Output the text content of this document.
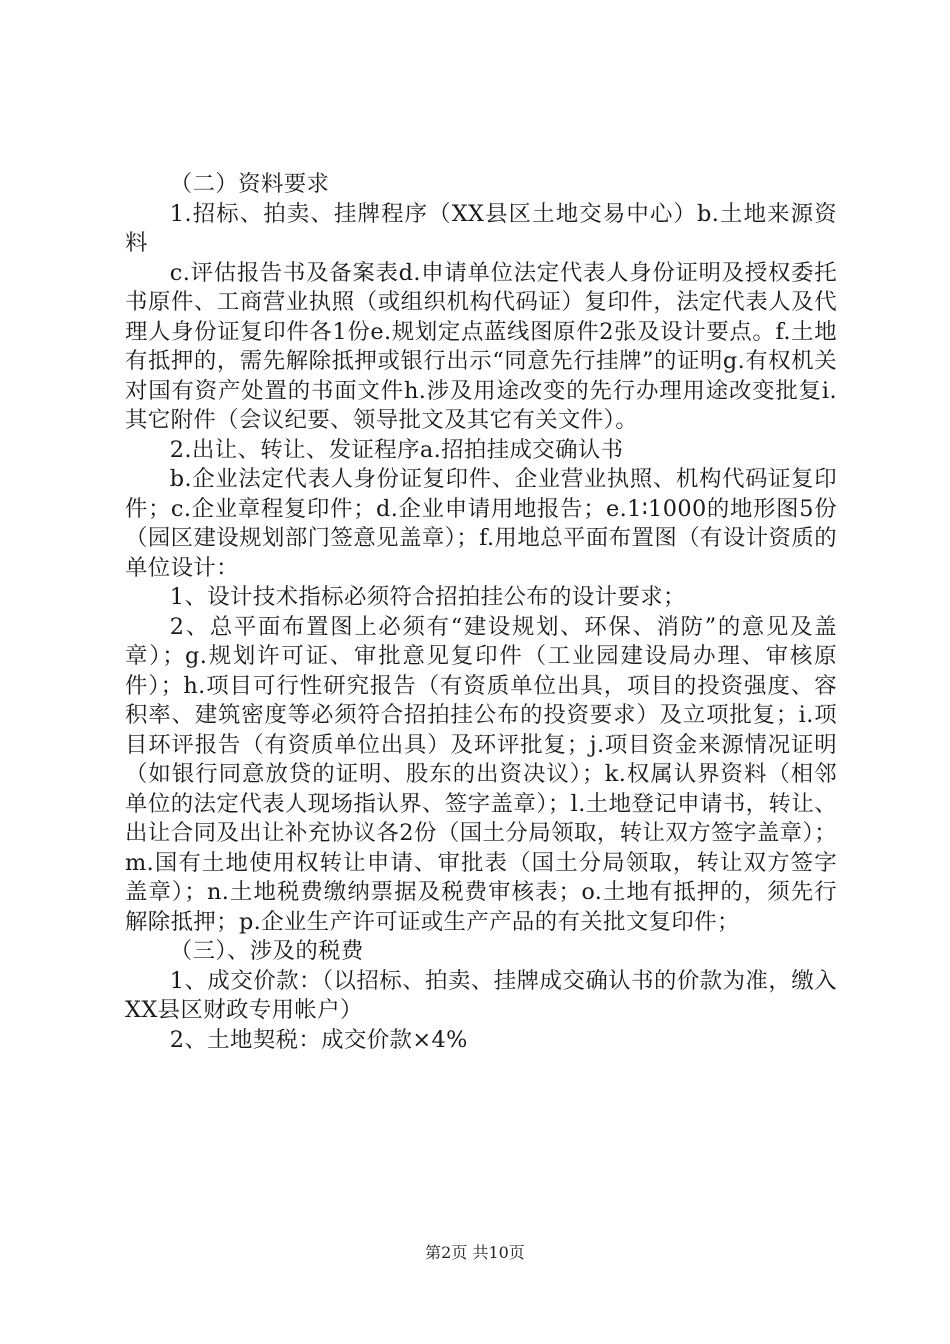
（二）资料要求

1.招标、拍卖、挂牌程序（XX县区土地交易中心）b.土地来源资料

c.评估报告书及备案表d.申请单位法定代表人身份证明及授权委托书原件、工商营业执照（或组织机构代码证）复印件，法定代表人及代理人身份证复印件各1份e.规划定点蓝线图原件2张及设计要点。f.土地有抵押的，需先解除抵押或银行出示“同意先行挂牌”的证明g.有权机关对国有资产处置的书面文件h.涉及用途改变的先行办理用途改变批复i.其它附件（会议纪要、领导批文及其它有关文件）。

2.出让、转让、发证程序a.招拍挂成交确认书

b.企业法定代表人身份证复印件、企业营业执照、机构代码证复印件；c.企业章程复印件；d.企业申请用地报告；e.1∶1000的地形图5份（园区建设规划部门签意见盖章）；f.用地总平面布置图（有设计资质的单位设计：

1、设计技术指标必须符合招拍挂公布的设计要求；

2、总平面布置图上必须有“建设规划、环保、消防”的意见及盖章）；g.规划许可证、审批意见复印件（工业园建设局办理、审核原件）；h.项目可行性研究报告（有资质单位出具，项目的投资强度、容积率、建筑密度等必须符合招拍挂公布的投资要求）及立项批复；i.项目环评报告（有资质单位出具）及环评批复；j.项目资金来源情况证明（如银行同意放贷的证明、股东的出资决议）；k.权属认界资料（相邻单位的法定代表人现场指认界、签字盖章）；l.土地登记申请书，转让、出让合同及出让补充协议各2份（国土分局领取，转让双方签字盖章）；m.国有土地使用权转让申请、审批表（国土分局领取，转让双方签字盖章）；n.土地税费缴纳票据及税费审核表；o.土地有抵押的，须先行解除抵押；p.企业生产许可证或生产产品的有关批文复印件；

（三）、涉及的税费

1、成交价款：（以招标、拍卖、挂牌成交确认书的价款为准，缴入XX县区财政专用帐户）

2、土地契税：成交价款×4%

第2页 共10页
